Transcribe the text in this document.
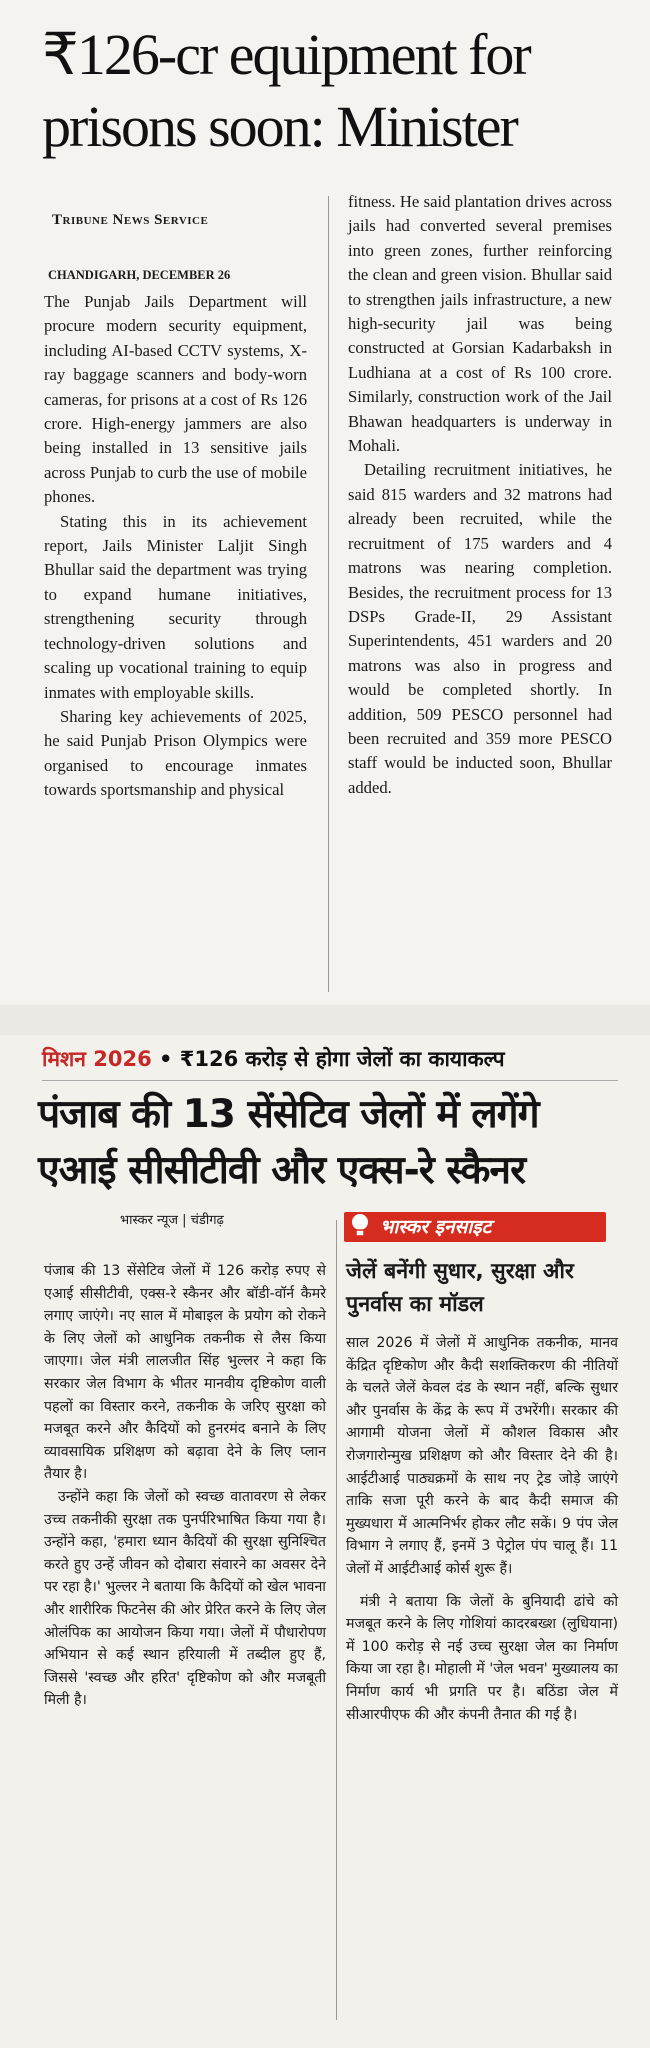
₹126-cr equipment for
prisons soon: Minister
Tribune News Service
CHANDIGARH, DECEMBER 26

The Punjab Jails Department will procure modern security equipment, including AI-based CCTV systems, X-ray baggage scanners and body-worn cameras, for prisons at a cost of Rs 126 crore. High-energy jammers are also being installed in 13 sensitive jails across Punjab to curb the use of mobile phones.

Stating this in its achievement report, Jails Minister Laljit Singh Bhullar said the department was trying to expand humane initiatives, strengthening security through technology-driven solutions and scaling up vocational training to equip inmates with employable skills.

Sharing key achievements of 2025, he said Punjab Prison Olympics were organised to encourage inmates towards sportsmanship and physical

fitness. He said plantation drives across jails had converted several premises into green zones, further reinforcing the clean and green vision. Bhullar said to strengthen jails infrastructure, a new high-security jail was being constructed at Gorsian Kadarbaksh in Ludhiana at a cost of Rs 100 crore. Similarly, construction work of the Jail Bhawan headquarters is underway in Mohali.

Detailing recruitment initiatives, he said 815 warders and 32 matrons had already been recruited, while the recruitment of 175 warders and 4 matrons was nearing completion. Besides, the recruitment process for 13 DSPs Grade-II, 29 Assistant Superintendents, 451 warders and 20 matrons was also in progress and would be completed shortly. In addition, 509 PESCO personnel had been recruited and 359 more PESCO staff would be inducted soon, Bhullar added.

मिशन 2026 • ₹126 करोड़ से होगा जेलों का कायाकल्प
पंजाब की 13 सेंसेटिव जेलों में लगेंगे
एआई सीसीटीवी और एक्स-रे स्कैनर
भास्कर न्यूज | चंडीगढ़	भास्कर इनसाइट
जेलें बनेंगी सुधार, सुरक्षा और पुनर्वास का मॉडल

पंजाब की 13 सेंसेटिव जेलों में 126 करोड़ रुपए से एआई सीसीटीवी, एक्स-रे स्कैनर और बॉडी-वॉर्न कैमरे लगाए जाएंगे। नए साल में मोबाइल के प्रयोग को रोकने के लिए जेलों को आधुनिक तकनीक से लैस किया जाएगा। जेल मंत्री लालजीत सिंह भुल्लर ने कहा कि सरकार जेल विभाग के भीतर मानवीय दृष्टिकोण वाली पहलों का विस्तार करने, तकनीक के जरिए सुरक्षा को मजबूत करने और कैदियों को हुनरमंद बनाने के लिए व्यावसायिक प्रशिक्षण को बढ़ावा देने के लिए प्लान तैयार है।

उन्होंने कहा कि जेलों को स्वच्छ वातावरण से लेकर उच्च तकनीकी सुरक्षा तक पुनर्परिभाषित किया गया है। उन्होंने कहा, 'हमारा ध्यान कैदियों की सुरक्षा सुनिश्चित करते हुए उन्हें जीवन को दोबारा संवारने का अवसर देने पर रहा है।' भुल्लर ने बताया कि कैदियों को खेल भावना और शारीरिक फिटनेस की ओर प्रेरित करने के लिए जेल ओलंपिक का आयोजन किया गया। जेलों में पौधारोपण अभियान से कई स्थान हरियाली में तब्दील हुए हैं, जिससे 'स्वच्छ और हरित' दृष्टिकोण को और मजबूती मिली है।

साल 2026 में जेलों में आधुनिक तकनीक, मानव केंद्रित दृष्टिकोण और कैदी सशक्तिकरण की नीतियों के चलते जेलें केवल दंड के स्थान नहीं, बल्कि सुधार और पुनर्वास के केंद्र के रूप में उभरेंगी। सरकार की आगामी योजना जेलों में कौशल विकास और रोजगारोन्मुख प्रशिक्षण को और विस्तार देने की है। आईटीआई पाठ्यक्रमों के साथ नए ट्रेड जोड़े जाएंगे ताकि सजा पूरी करने के बाद कैदी समाज की मुख्यधारा में आत्मनिर्भर होकर लौट सकें। 9 पंप जेल विभाग ने लगाए हैं, इनमें 3 पेट्रोल पंप चालू हैं। 11 जेलों में आईटीआई कोर्स शुरू हैं।

मंत्री ने बताया कि जेलों के बुनियादी ढांचे को मजबूत करने के लिए गोशियां कादरबख्श (लुधियाना) में 100 करोड़ से नई उच्च सुरक्षा जेल का निर्माण किया जा रहा है। मोहाली में 'जेल भवन' मुख्यालय का निर्माण कार्य भी प्रगति पर है। बठिंडा जेल में सीआरपीएफ की और कंपनी तैनात की गई है।
